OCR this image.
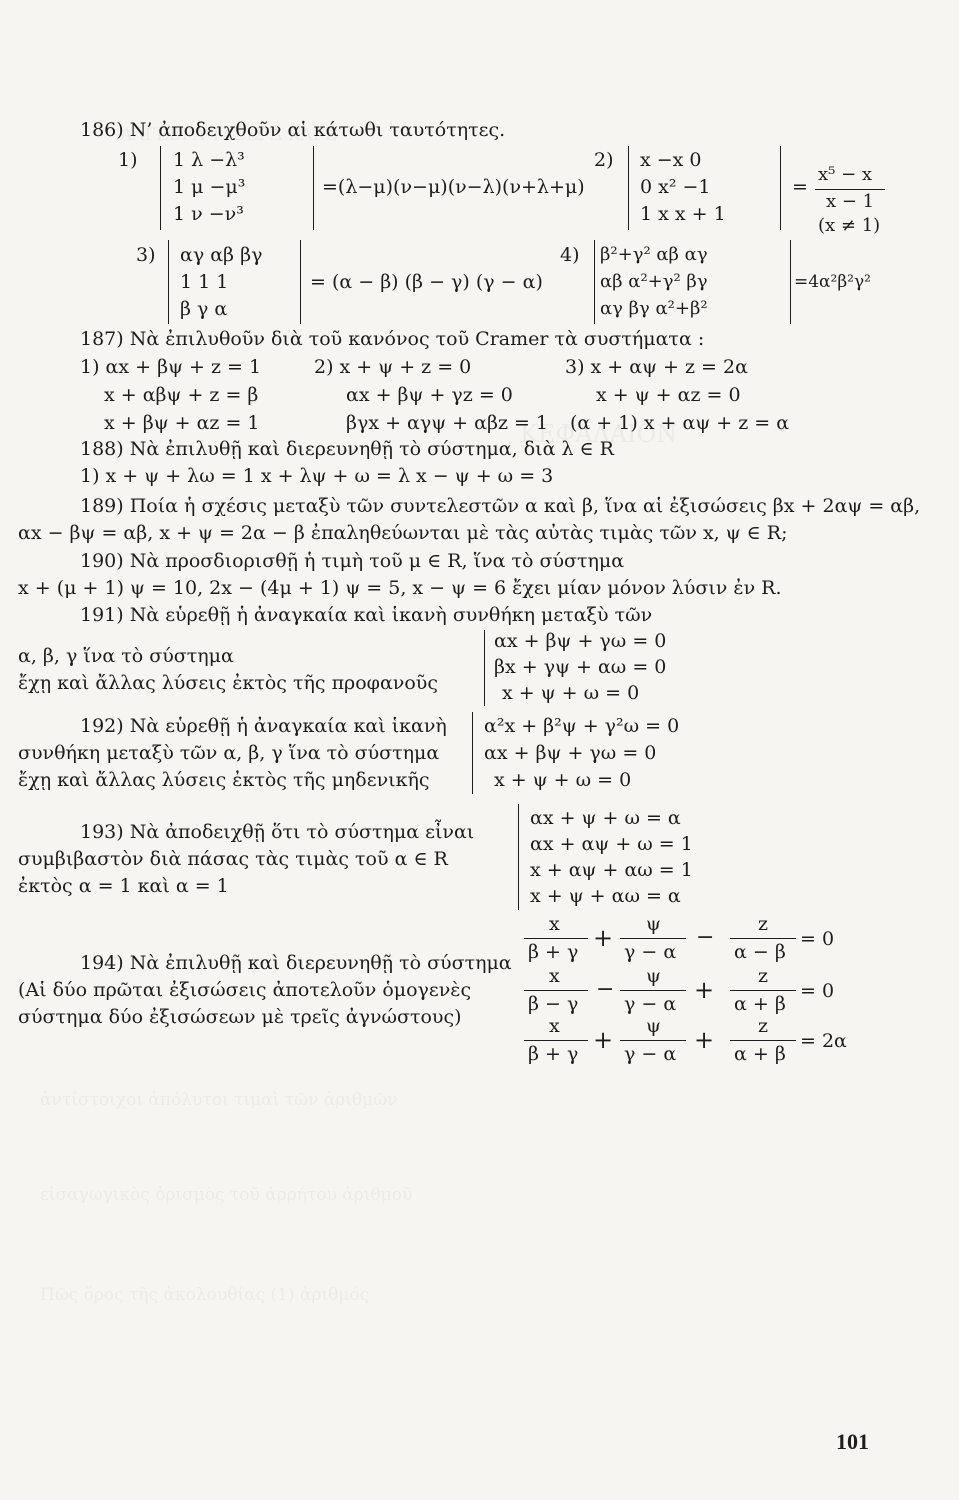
186) Ν’ ἀποδειχθοῦν αἱ κάτωθι ταυτότητες.
1) 1 λ −λ³
1 μ −μ³
1 ν −ν³
=(λ−μ)(ν−μ)(ν−λ)(ν+λ+μ)
2) x −x 0
0 x² −1
1 x x + 1
=
x⁵ − x
x − 1
(x ≠ 1)
3) αγ αβ βγ
1 1 1
β γ α
= (α − β) (β − γ) (γ − α)
4) β²+γ² αβ αγ
αβ α²+γ² βγ
αγ βγ α²+β²
=4α²β²γ²
187) Νὰ ἐπιλυθοῦν διὰ τοῦ κανόνος τοῦ Cramer τὰ συστήματα :
1) αx + βψ + z = 1
x + αβψ + z = β
x + βψ + αz = 1
2) x + ψ + z = 0
αx + βψ + γz = 0
βγx + αγψ + αβz = 1
3) x + αψ + z = 2α
x + ψ + αz = 0
(α + 1) x + αψ + z = α
188) Νὰ ἐπιλυθῇ καὶ διερευνηθῇ τὸ σύστημα, διὰ λ ∈ R
1) x + ψ + λω = 1 x + λψ + ω = λ x − ψ + ω = 3
189) Ποία ἡ σχέσις μεταξὺ τῶν συντελεστῶν α καὶ β, ἵνα αἱ ἐξισώσεις βx + 2αψ = αβ,
αx − βψ = αβ, x + ψ = 2α − β ἐπαληθεύωνται μὲ τὰς αὐτὰς τιμὰς τῶν x, ψ ∈ R;
190) Νὰ προσδιορισθῇ ἡ τιμὴ τοῦ μ ∈ R, ἵνα τὸ σύστημα
x + (μ + 1) ψ = 10, 2x − (4μ + 1) ψ = 5, x − ψ = 6 ἔχει μίαν μόνον λύσιν ἐν R.
191) Νὰ εὑρεθῇ ἡ ἀναγκαία καὶ ἱκανὴ συνθήκη μεταξὺ τῶν
α, β, γ ἵνα τὸ σύστημα
ἔχῃ καὶ ἄλλας λύσεις ἐκτὸς τῆς προφανοῦς
αx + βψ + γω = 0
βx + γψ + αω = 0
x + ψ + ω = 0
192) Νὰ εὑρεθῇ ἡ ἀναγκαία καὶ ἱκανὴ
συνθήκη μεταξὺ τῶν α, β, γ ἵνα τὸ σύστημα
ἔχῃ καὶ ἄλλας λύσεις ἐκτὸς τῆς μηδενικῆς
α²x + β²ψ + γ²ω = 0
αx + βψ + γω = 0
x + ψ + ω = 0
193) Νὰ ἀποδειχθῇ ὅτι τὸ σύστημα εἶναι
συμβιβαστὸν διὰ πάσας τὰς τιμὰς τοῦ α ∈ R
ἐκτὸς α = 1 καὶ α = 1
αx + ψ + ω = α
αx + αψ + ω = 1
x + αψ + αω = 1
x + ψ + αω = α
194) Νὰ ἐπιλυθῇ καὶ διερευνηθῇ τὸ σύστημα
(Αἱ δύο πρῶται ἐξισώσεις ἀποτελοῦν ὁμογενὲς
σύστημα δύο ἐξισώσεων μὲ τρεῖς ἀγνώστους)
x
β + γ + ψ
γ − α
−
z
α − β
= 0
x
β − γ
−
ψ
γ − α + z
α + β
= 0
x
β + γ + ψ
γ − α + z
α + β
= 2α
101
